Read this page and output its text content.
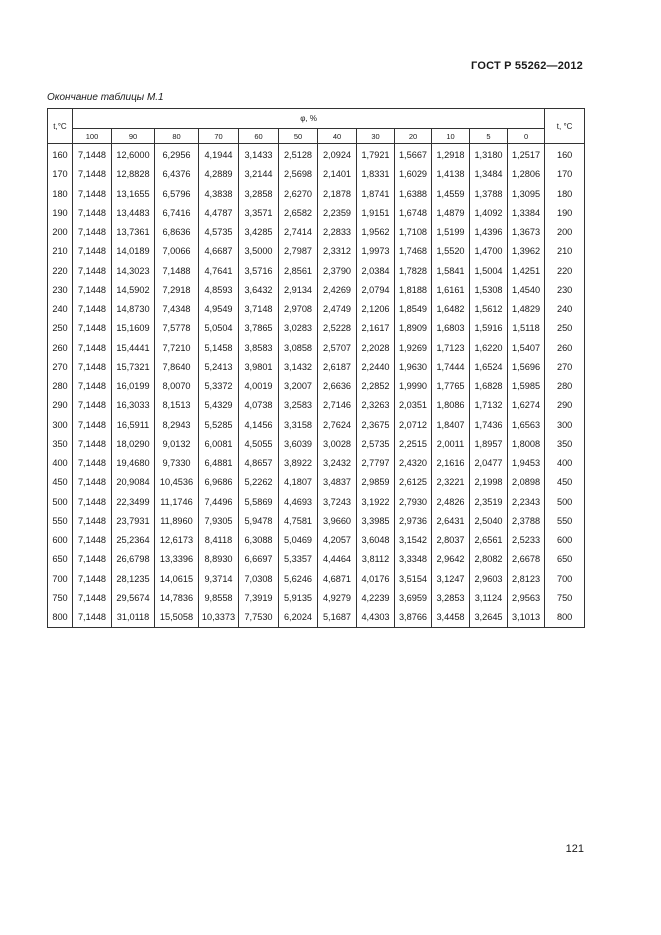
ГОСТ Р 55262—2012
Окончание таблицы М.1
t,°C	φ, %												t, °C
	100	90	80	70	60	50	40	30	20	10	5	0	
160	7,1448	12,6000	6,2956	4,1944	3,1433	2,5128	2,0924	1,7921	1,5667	1,2918	1,3180	1,2517	160
170	7,1448	12,8828	6,4376	4,2889	3,2144	2,5698	2,1401	1,8331	1,6029	1,4138	1,3484	1,2806	170
180	7,1448	13,1655	6,5796	4,3838	3,2858	2,6270	2,1878	1,8741	1,6388	1,4559	1,3788	1,3095	180
190	7,1448	13,4483	6,7416	4,4787	3,3571	2,6582	2,2359	1,9151	1,6748	1,4879	1,4092	1,3384	190
200	7,1448	13,7361	6,8636	4,5735	3,4285	2,7414	2,2833	1,9562	1,7108	1,5199	1,4396	1,3673	200
210	7,1448	14,0189	7,0066	4,6687	3,5000	2,7987	2,3312	1,9973	1,7468	1,5520	1,4700	1,3962	210
220	7,1448	14,3023	7,1488	4,7641	3,5716	2,8561	2,3790	2,0384	1,7828	1,5841	1,5004	1,4251	220
230	7,1448	14,5902	7,2918	4,8593	3,6432	2,9134	2,4269	2,0794	1,8188	1,6161	1,5308	1,4540	230
240	7,1448	14,8730	7,4348	4,9549	3,7148	2,9708	2,4749	2,1206	1,8549	1,6482	1,5612	1,4829	240
250	7,1448	15,1609	7,5778	5,0504	3,7865	3,0283	2,5228	2,1617	1,8909	1,6803	1,5916	1,5118	250
260	7,1448	15,4441	7,7210	5,1458	3,8583	3,0858	2,5707	2,2028	1,9269	1,7123	1,6220	1,5407	260
270	7,1448	15,7321	7,8640	5,2413	3,9801	3,1432	2,6187	2,2440	1,9630	1,7444	1,6524	1,5696	270
280	7,1448	16,0199	8,0070	5,3372	4,0019	3,2007	2,6636	2,2852	1,9990	1,7765	1,6828	1,5985	280
290	7,1448	16,3033	8,1513	5,4329	4,0738	3,2583	2,7146	2,3263	2,0351	1,8086	1,7132	1,6274	290
300	7,1448	16,5911	8,2943	5,5285	4,1456	3,3158	2,7624	2,3675	2,0712	1,8407	1,7436	1,6563	300
350	7,1448	18,0290	9,0132	6,0081	4,5055	3,6039	3,0028	2,5735	2,2515	2,0011	1,8957	1,8008	350
400	7,1448	19,4680	9,7330	6,4881	4,8657	3,8922	3,2432	2,7797	2,4320	2,1616	2,0477	1,9453	400
450	7,1448	20,9084	10,4536	6,9686	5,2262	4,1807	3,4837	2,9859	2,6125	2,3221	2,1998	2,0898	450
500	7,1448	22,3499	11,1746	7,4496	5,5869	4,4693	3,7243	3,1922	2,7930	2,4826	2,3519	2,2343	500
550	7,1448	23,7931	11,8960	7,9305	5,9478	4,7581	3,9660	3,3985	2,9736	2,6431	2,5040	2,3788	550
600	7,1448	25,2364	12,6173	8,4118	6,3088	5,0469	4,2057	3,6048	3,1542	2,8037	2,6561	2,5233	600
650	7,1448	26,6798	13,3396	8,8930	6,6697	5,3357	4,4464	3,8112	3,3348	2,9642	2,8082	2,6678	650
700	7,1448	28,1235	14,0615	9,3714	7,0308	5,6246	4,6871	4,0176	3,5154	3,1247	2,9603	2,8123	700
750	7,1448	29,5674	14,7836	9,8558	7,3919	5,9135	4,9279	4,2239	3,6959	3,2853	3,1124	2,9563	750
800	7,1448	31,0118	15,5058	10,3373	7,7530	6,2024	5,1687	4,4303	3,8766	3,4458	3,2645	3,1013	800
121
